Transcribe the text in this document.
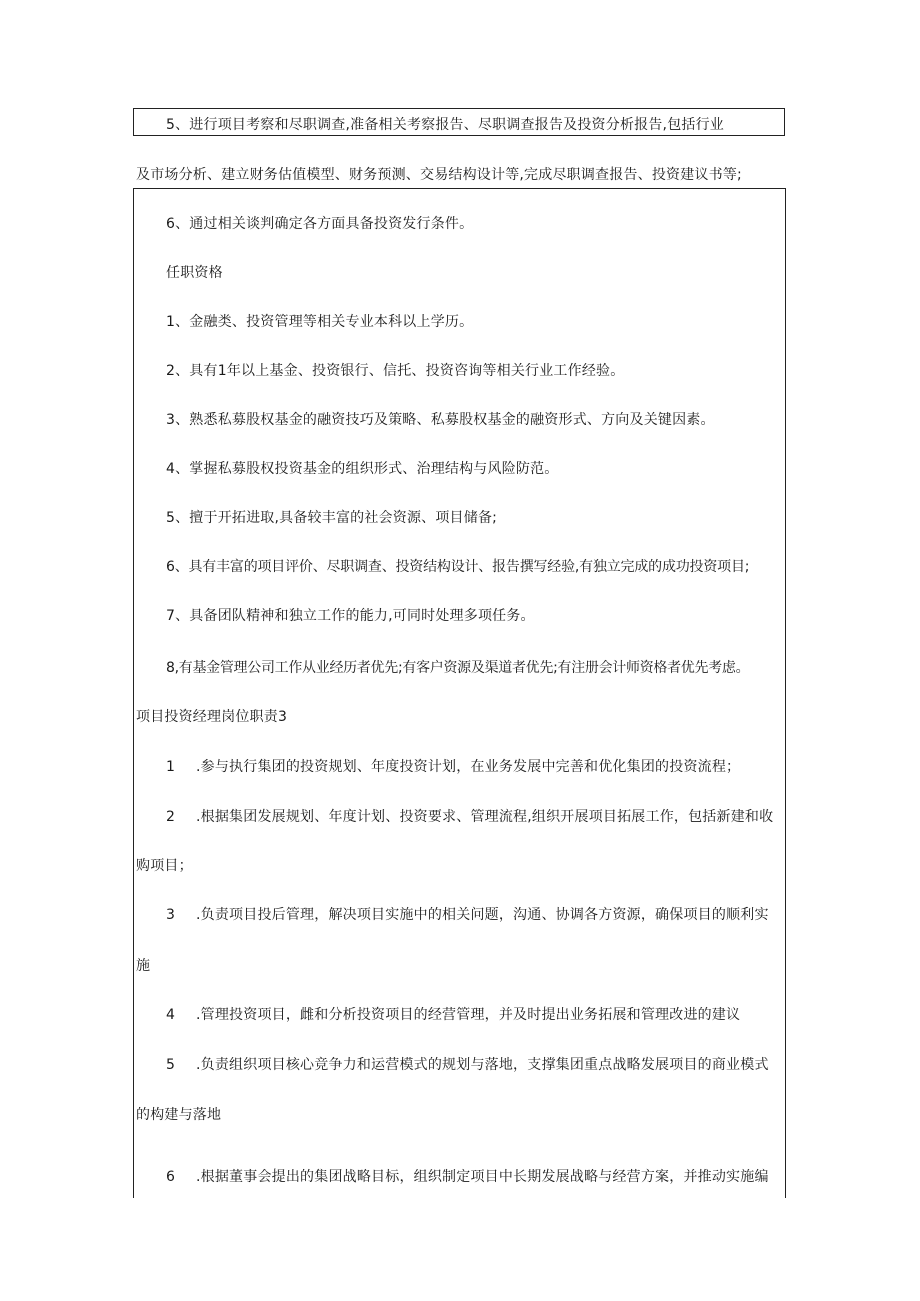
5、进行项目考察和尽职调查,准备相关考察报告、尽职调查报告及投资分析报告,包括行业
及市场分析、建立财务估值模型、财务预测、交易结构设计等,完成尽职调查报告、投资建议书等;
6、通过相关谈判确定各方面具备投资发行条件。
任职资格
1、金融类、投资管理等相关专业本科以上学历。
2、具有1年以上基金、投资银行、信托、投资咨询等相关行业工作经验。
3、熟悉私募股权基金的融资技巧及策略、私募股权基金的融资形式、方向及关键因素。
4、掌握私募股权投资基金的组织形式、治理结构与风险防范。
5、擅于开拓进取,具备较丰富的社会资源、项目储备;
6、具有丰富的项目评价、尽职调查、投资结构设计、报告撰写经验,有独立完成的成功投资项目;
7、具备团队精神和独立工作的能力,可同时处理多项任务。
8,有基金管理公司工作从业经历者优先;有客户资源及渠道者优先;有注册会计师资格者优先考虑。
项目投资经理岗位职责3
1 .参与执行集团的投资规划、年度投资计划，在业务发展中完善和优化集团的投资流程；
2 .根据集团发展规划、年度计划、投资要求、管理流程,组织开展项目拓展工作，包括新建和收
购项目；
3 .负责项目投后管理，解决项目实施中的相关问题，沟通、协调各方资源，确保项目的顺利实
施
4 .管理投资项目，雌和分析投资项目的经营管理，并及时提出业务拓展和管理改进的建议
5 .负责组织项目核心竞争力和运营模式的规划与落地，支撑集团重点战略发展项目的商业模式
的构建与落地
6 .根据董事会提出的集团战略目标，组织制定项目中长期发展战略与经营方案，并推动实施编
